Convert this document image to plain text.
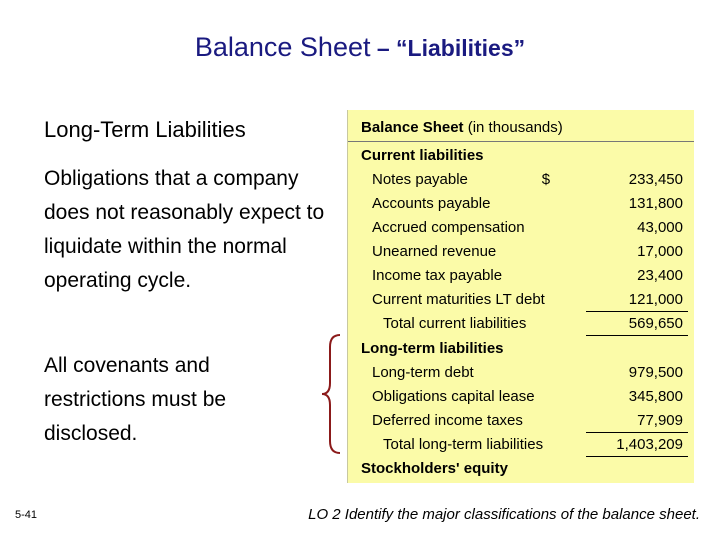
Balance Sheet – “Liabilities”
Long-Term Liabilities
Obligations that a company does not reasonably expect to liquidate within the normal operating cycle.
All covenants and restrictions must be disclosed.
Balance Sheet (in thousands)
Current liabilities
Notes payable	$	233,450
Accounts payable	131,800
Accrued compensation	43,000
Unearned revenue	17,000
Income tax payable	23,400
Current maturities LT debt	121,000
Total current liabilities	569,650
Long-term liabilities
Long-term debt	979,500
Obligations capital lease	345,800
Deferred income taxes	77,909
Total long-term liabilities	1,403,209
Stockholders' equity
5-41	LO 2 Identify the major classifications of the balance sheet.
